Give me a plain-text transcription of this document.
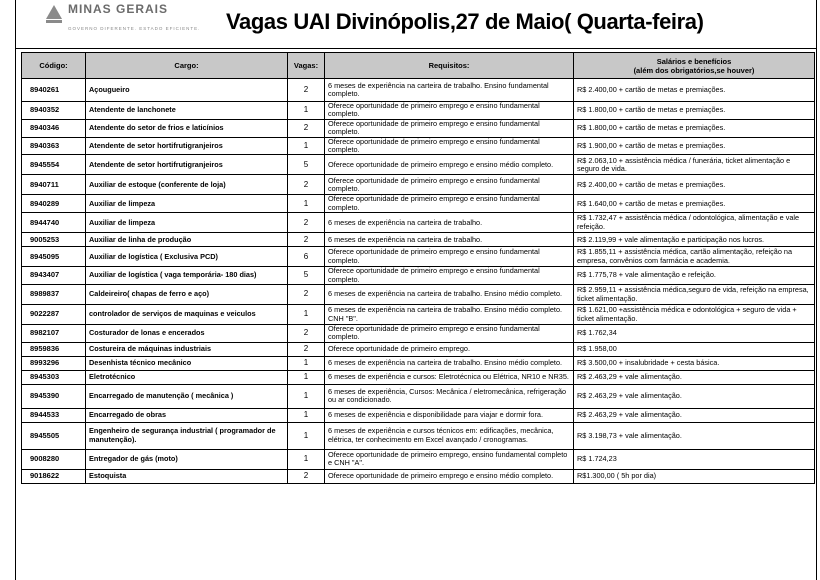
MINAS GERAIS
GOVERNO DIFERENTE. ESTADO EFICIENTE. Vagas UAI Divinópolis,27 de Maio( Quarta-feira)
Código:	Cargo:	Vagas:	Requisitos:	Salários e benefícios
(além dos obrigatórios,se houver)

8940261	Açougueiro	2	6 meses de experiência na carteira de trabalho. Ensino fundamental completo.	R$ 2.400,00 + cartão de metas e premiações.
8940352	Atendente de lanchonete	1	Oferece oportunidade de primeiro emprego e ensino fundamental completo.	R$ 1.800,00 + cartão de metas e premiações.
8940346	Atendente do setor de frios e laticínios	2	Oferece oportunidade de primeiro emprego e ensino fundamental completo.	R$ 1.800,00 + cartão de metas e premiações.
8940363	Atendente de setor hortifrutigranjeiros	1	Oferece oportunidade de primeiro emprego e ensino fundamental completo.	R$ 1.900,00 + cartão de metas e premiações.
8945554	Atendente de setor hortifrutigranjeiros	5	Oferece oportunidade de primeiro emprego e ensino médio completo.	R$ 2.063,10 + assistência médica / funerária, ticket alimentação e seguro de vida.
8940711	Auxiliar de estoque (conferente de loja)	2	Oferece oportunidade de primeiro emprego e ensino fundamental completo.	R$ 2.400,00 + cartão de metas e premiações.
8940289	Auxiliar de limpeza	1	Oferece oportunidade de primeiro emprego e ensino fundamental completo.	R$ 1.640,00 + cartão de metas e premiações.
8944740	Auxiliar de limpeza	2	6 meses de experiência na carteira de trabalho.	R$ 1.732,47 + assistência médica / odontológica, alimentação e vale refeição.
9005253	Auxiliar de linha de produção	2	6 meses de experiência na carteira de trabalho.	R$ 2.119,99 + vale alimentação e participação nos lucros.
8945095	Auxiliar de logística ( Exclusiva PCD)	6	Oferece oportunidade de primeiro emprego e ensino fundamental completo.	R$ 1.855,11 + assistência médica, cartão alimentação, refeição na empresa, convênios com farmácia e academia.
8943407	Auxiliar de logística ( vaga temporária- 180 dias)	5	Oferece oportunidade de primeiro emprego e ensino fundamental completo.	R$ 1.775,78 + vale alimentação e refeição.
8989837	Caldeireiro( chapas de ferro e aço)	2	6 meses de experiência na carteira de trabalho. Ensino médio completo.	R$ 2.959,11 + assistência médica,seguro de vida, refeição na empresa, ticket alimentação.
9022287	controlador de serviços de maquinas e veiculos	1	6 meses de experiência na carteira de trabalho. Ensino médio completo. CNH "B".	R$ 1.621,00 +assistência médica e odontológica + seguro de vida + ticket alimentação.
8982107	Costurador de lonas e encerados	2	Oferece oportunidade de primeiro emprego e ensino fundamental completo.	R$ 1.762,34
8959836	Costureira de máquinas industriais	2	Oferece oportunidade de primeiro emprego.	R$ 1.958,00
8993296	Desenhista técnico mecânico	1	6 meses de experiência na carteira de trabalho. Ensino médio completo.	R$ 3.500,00 + insalubridade + cesta básica.
8945303	Eletrotécnico	1	6 meses de experiência e cursos: Eletrotécnica ou Elétrica, NR10 e NR35.	R$ 2.463,29 + vale alimentação.
8945390	Encarregado de manutenção ( mecânica )	1	6 meses de experiência, Cursos: Mecânica / eletromecânica, refrigeração ou ar condicionado.	R$ 2.463,29 + vale alimentação.
8944533	Encarregado de obras	1	6 meses de experiência e disponibilidade para viajar e dormir fora.	R$ 2.463,29 + vale alimentação.
8945505	Engenheiro de segurança industrial ( programador de manutenção).	1	6 meses de experiência e cursos técnicos em: edificações, mecânica, elétrica, ter conhecimento em Excel avançado / cronogramas.	R$ 3.198,73 + vale alimentação.
9008280	Entregador de gás (moto)	1	Oferece oportunidade de primeiro emprego, ensino fundamental completo e CNH "A".	R$ 1.724,23
9018622	Estoquista	2	Oferece oportunidade de primeiro emprego e ensino médio completo.	R$1.300,00 ( 5h por dia)
